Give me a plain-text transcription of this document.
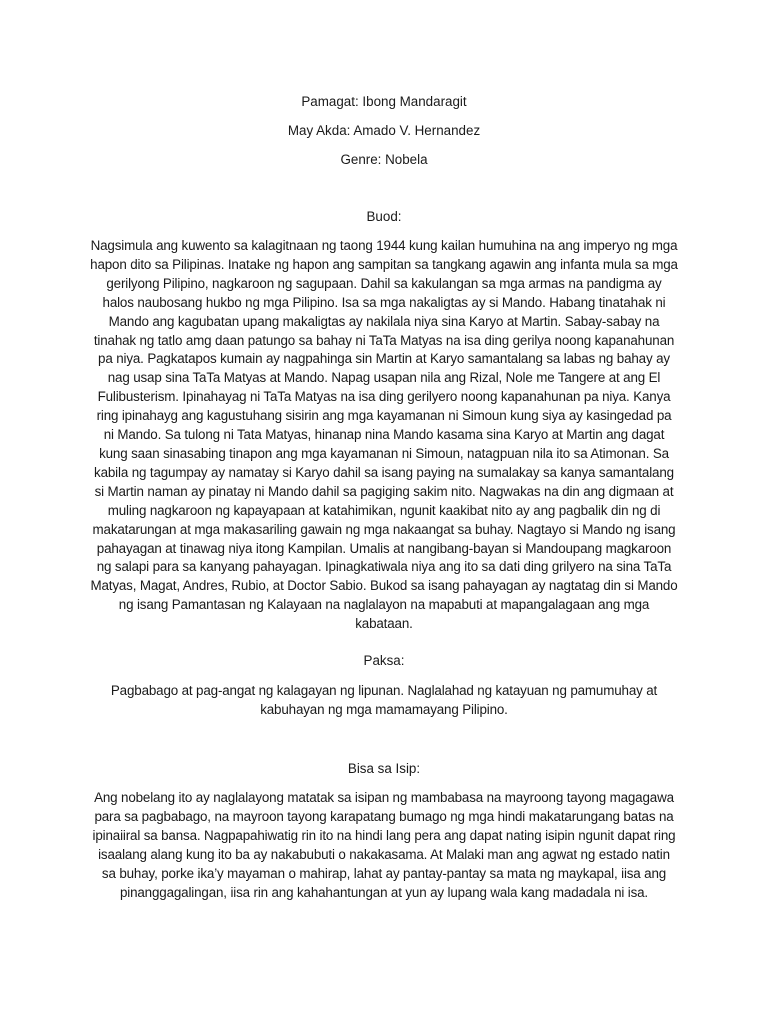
Pamagat: Ibong Mandaragit

May Akda: Amado V. Hernandez

Genre: Nobela

Buod:

Nagsimula ang kuwento sa kalagitnaan ng taong 1944 kung kailan humuhina na ang imperyo ng mga hapon dito sa Pilipinas. Inatake ng hapon ang sampitan sa tangkang agawin ang infanta mula sa mga gerilyong Pilipino, nagkaroon ng sagupaan. Dahil sa kakulangan sa mga armas na pandigma ay halos naubosang hukbo ng mga Pilipino. Isa sa mga nakaligtas ay si Mando. Habang tinatahak ni Mando ang kagubatan upang makaligtas ay nakilala niya sina Karyo at Martin. Sabay-sabay na tinahak ng tatlo amg daan patungo sa bahay ni TaTa Matyas na isa ding gerilya noong kapanahunan pa niya. Pagkatapos kumain ay nagpahinga sin Martin at Karyo samantalang sa labas ng bahay ay nag usap sina TaTa Matyas at Mando. Napag usapan nila ang Rizal, Nole me Tangere at ang El Fulibusterism. Ipinahayag ni TaTa Matyas na isa ding gerilyero noong kapanahunan pa niya. Kanya ring ipinahayg ang kagustuhang sisirin ang mga kayamanan ni Simoun kung siya ay kasingedad pa ni Mando. Sa tulong ni Tata Matyas, hinanap nina Mando kasama sina Karyo at Martin ang dagat kung saan sinasabing tinapon ang mga kayamanan ni Simoun, natagpuan nila ito sa Atimonan. Sa kabila ng tagumpay ay namatay si Karyo dahil sa isang paying na sumalakay sa kanya samantalang si Martin naman ay pinatay ni Mando dahil sa pagiging sakim nito. Nagwakas na din ang digmaan at muling nagkaroon ng kapayapaan at katahimikan, ngunit kaakibat nito ay ang pagbalik din ng di makatarungan at mga makasariling gawain ng mga nakaangat sa buhay. Nagtayo si Mando ng isang pahayagan at tinawag niya itong Kampilan. Umalis at nangibang-bayan si Mandoupang magkaroon ng salapi para sa kanyang pahayagan. Ipinagkatiwala niya ang ito sa dati ding grilyero na sina TaTa Matyas, Magat, Andres, Rubio, at Doctor Sabio. Bukod sa isang pahayagan ay nagtatag din si Mando ng isang Pamantasan ng Kalayaan na naglalayon na mapabuti at mapangalagaan ang mga kabataan.

Paksa:

Pagbabago at pag-angat ng kalagayan ng lipunan. Naglalahad ng katayuan ng pamumuhay at kabuhayan ng mga mamamayang Pilipino.

Bisa sa Isip:

Ang nobelang ito ay naglalayong matatak sa isipan ng mambabasa na mayroong tayong magagawa para sa pagbabago, na mayroon tayong karapatang bumago ng mga hindi makatarungang batas na ipinaiiral sa bansa. Nagpapahiwatig rin ito na hindi lang pera ang dapat nating isipin ngunit dapat ring isaalang alang kung ito ba ay nakabubuti o nakakasama. At Malaki man ang agwat ng estado natin sa buhay, porke ika’y mayaman o mahirap, lahat ay pantay-pantay sa mata ng maykapal, iisa ang pinanggagalingan, iisa rin ang kahahantungan at yun ay lupang wala kang madadala ni isa.
